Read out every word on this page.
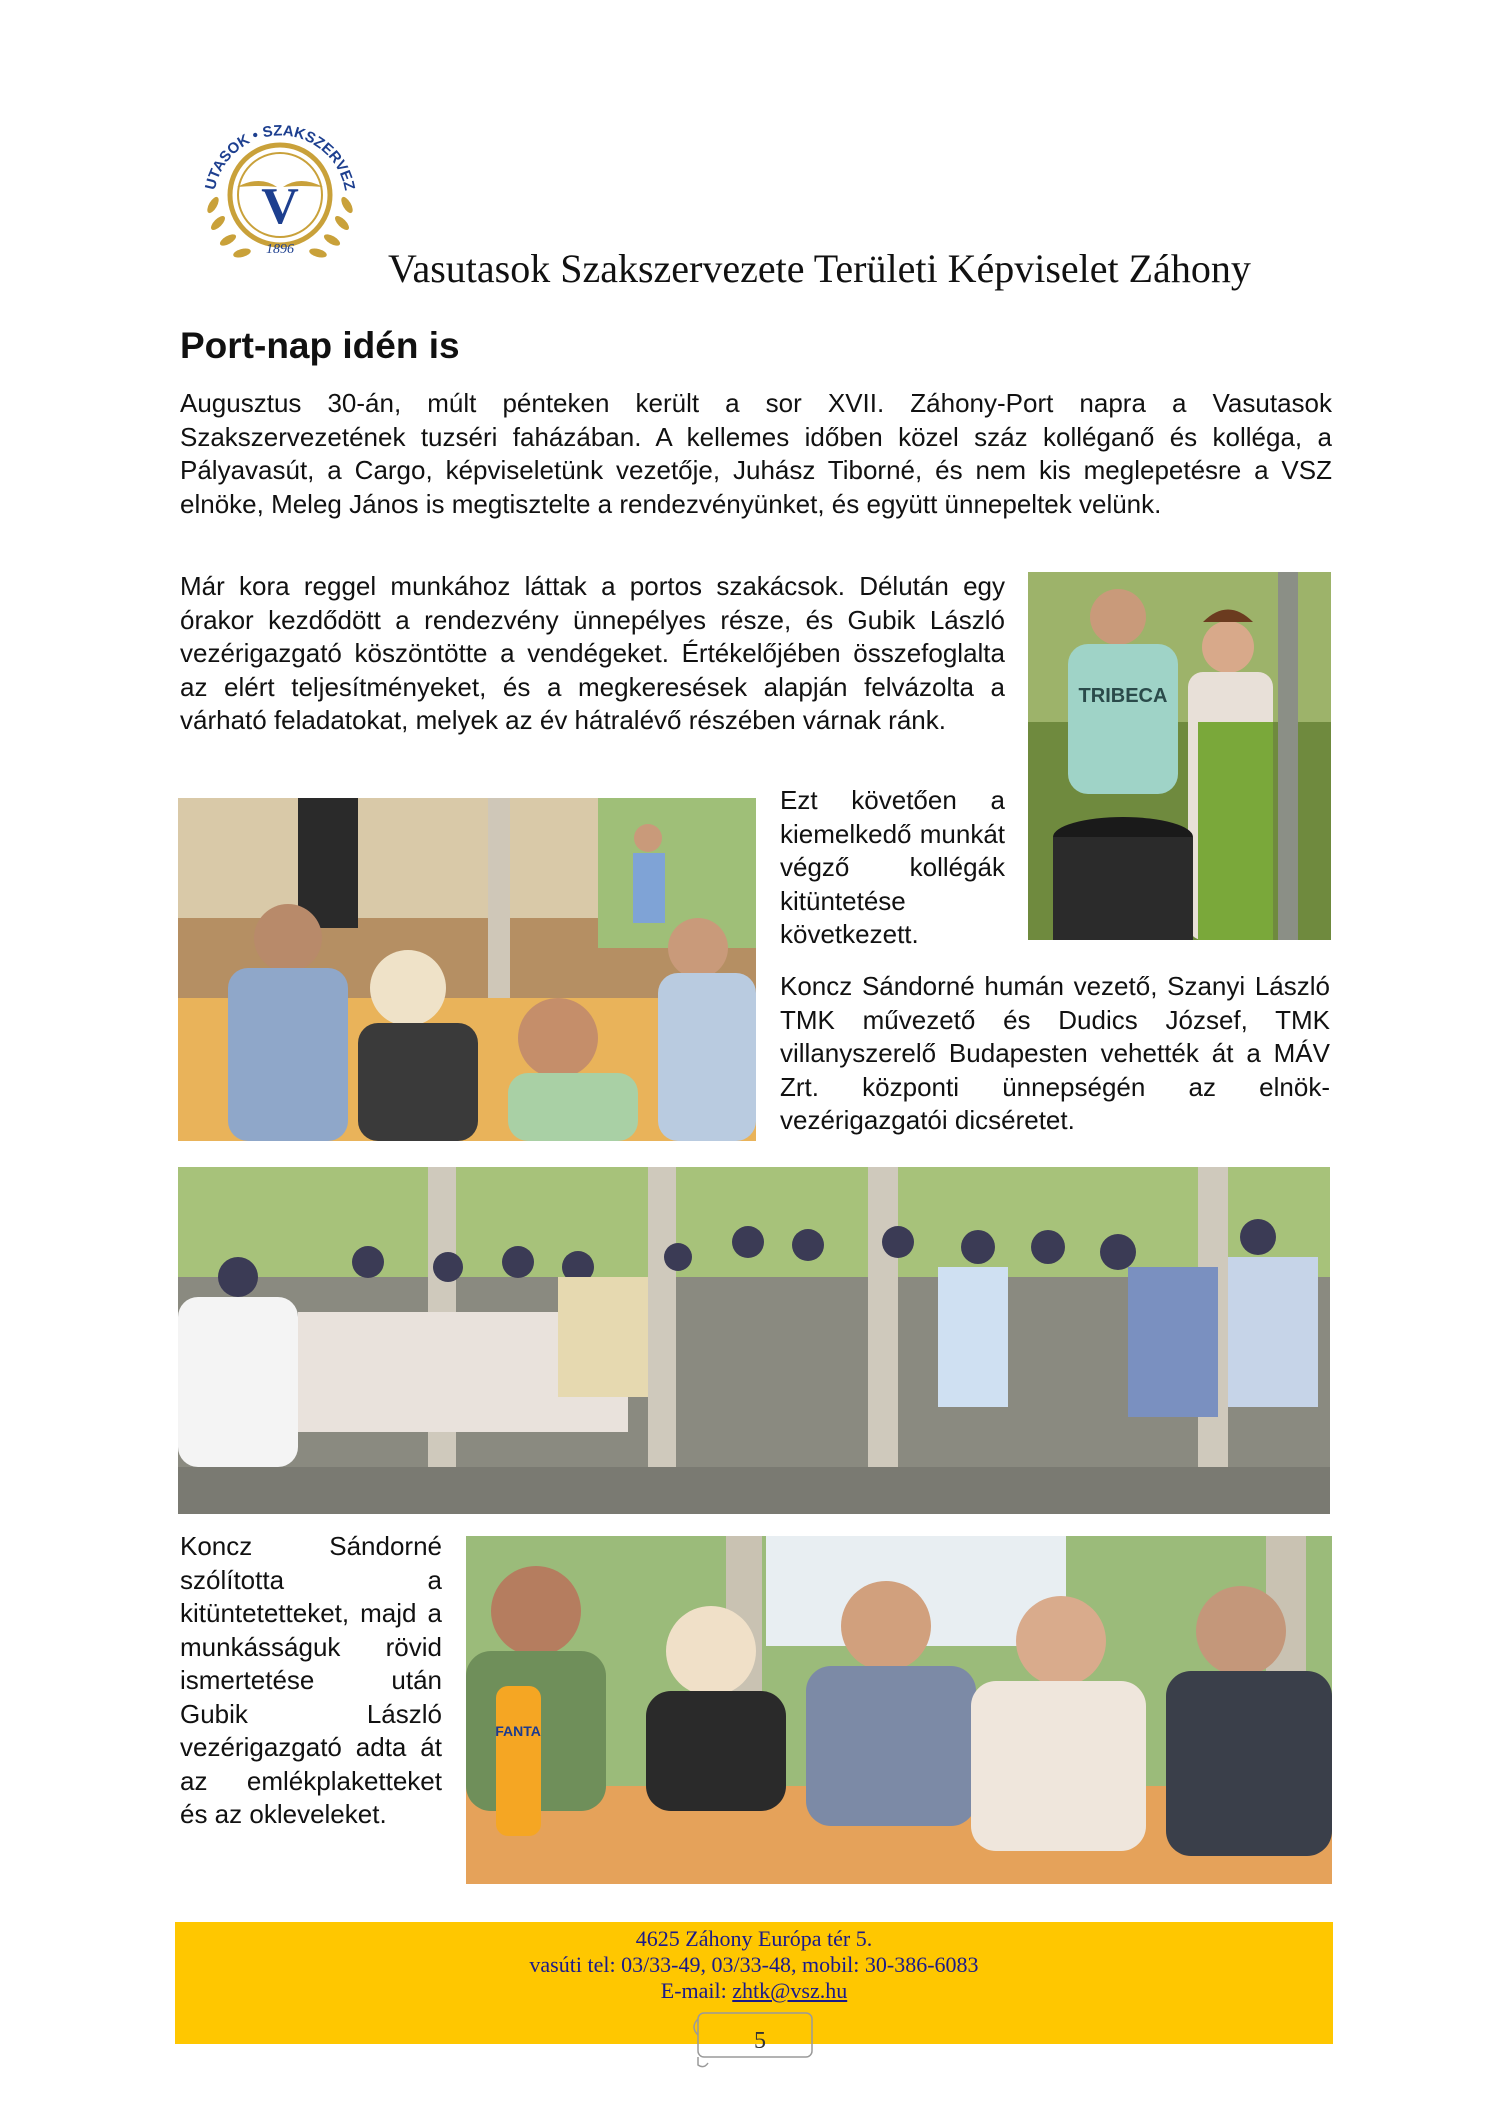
UTASOK • SZAKSZERVEZ
V
1896 Vasutasok Szakszervezete Területi Képviselet Záhony
Port-nap idén is

Augusztus 30-án, múlt pénteken került a sor XVII. Záhony-Port napra a Vasutasok Szakszervezetének tuzséri faházában. A kellemes időben közel száz kolléganő és kolléga, a Pályavasút, a Cargo, képviseletünk vezetője, Juhász Tiborné, és nem kis meglepetésre a VSZ elnöke, Meleg János is megtisztelte a rendezvényünket, és együtt ünnepeltek velünk.

Már kora reggel munkához láttak a portos szakácsok. Délután egy órakor kezdődött a rendezvény ünnepélyes része, és Gubik László vezérigazgató köszöntötte a vendégeket. Értékelőjében összefoglalta az elért teljesítményeket, és a megkeresések alapján felvázolta a várható feladatokat, melyek az év hátralévő részében várnak ránk.

Ezt követően a kiemelkedő munkát végző kollégák kitüntetése következett.

Koncz Sándorné humán vezető, Szanyi László TMK művezető és Dudics József, TMK villanyszerelő Budapesten vehették át a MÁV Zrt. központi ünnepségén az elnök-vezérigazgatói dicséretet.

Koncz Sándorné szólította a kitüntetetteket, majd a munkásságuk rövid ismertetése után Gubik László vezérigazgató adta át az emlékplaketteket és az okleveleket.

TRIBECA
FANTA
4625 Záhony Európa tér 5.
vasúti tel: 03/33-49, 03/33-48, mobil: 30-386-6083
E-mail: zhtk@vsz.hu
5
